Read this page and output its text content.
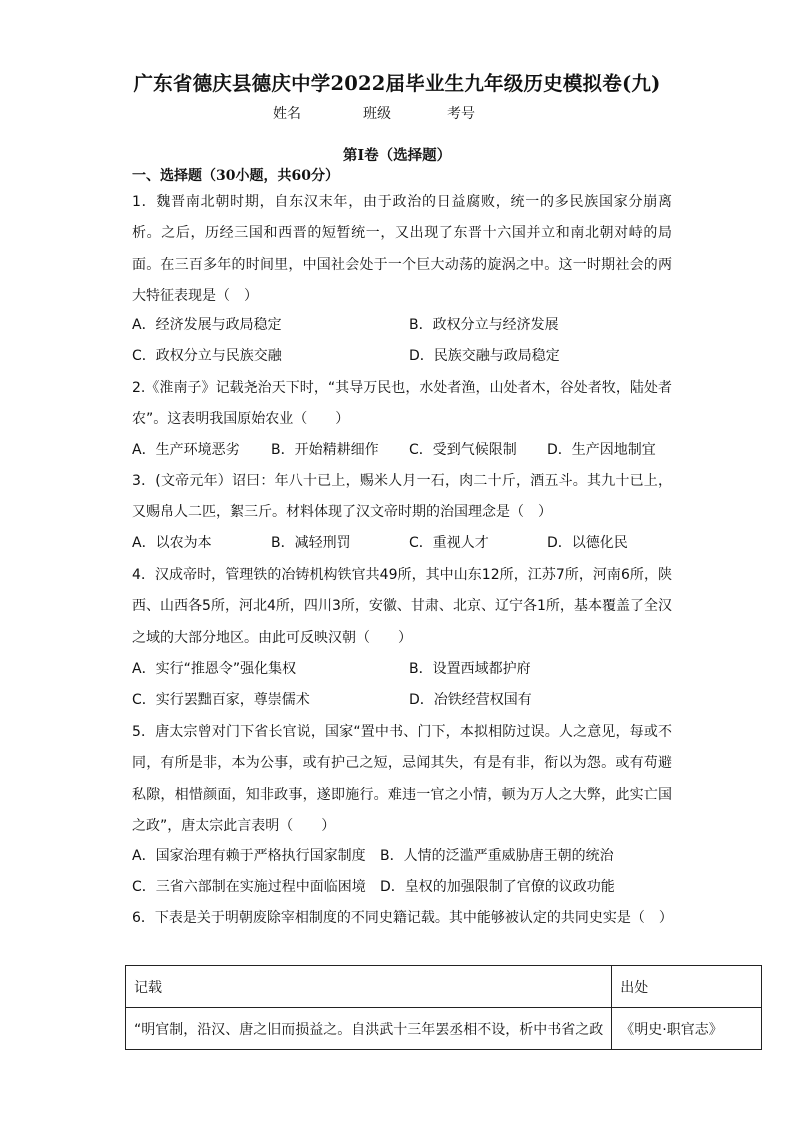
广东省德庆县德庆中学2022届毕业生九年级历史模拟卷(九)
姓名	班级	考号
第I卷（选择题）
一、选择题（30小题，共60分）
1．魏晋南北朝时期，自东汉末年，由于政治的日益腐败，统一的多民族国家分崩离析。之后，历经三国和西晋的短暂统一，又出现了东晋十六国并立和南北朝对峙的局面。在三百多年的时间里，中国社会处于一个巨大动荡的旋涡之中。这一时期社会的两大特征表现是（　）
A．经济发展与政局稳定	B．政权分立与经济发展
C．政权分立与民族交融	D．民族交融与政局稳定
2.《淮南子》记载尧治天下时，“其导万民也，水处者渔，山处者木，谷处者牧，陆处者农”。这表明我国原始农业（　　）
A．生产环境恶劣 B．开始精耕细作 C．受到气候限制 D．生产因地制宜
3．(文帝元年）诏曰：年八十已上，赐米人月一石，肉二十斤，酒五斗。其九十已上，又赐帛人二匹，絮三斤。材料体现了汉文帝时期的治国理念是（　）
A．以农为本	B．减轻刑罚	C．重视人才	D．以德化民
4．汉成帝时，管理铁的冶铸机构铁官共49所，其中山东12所，江苏7所，河南6所，陕西、山西各5所，河北4所，四川3所，安徽、甘肃、北京、辽宁各1所，基本覆盖了全汉之域的大部分地区。由此可反映汉朝（　　）
A．实行“推恩令”强化集权	B．设置西域都护府
C．实行罢黜百家，尊崇儒术	D．冶铁经营权国有
5．唐太宗曾对门下省长官说，国家“置中书、门下，本拟相防过误。人之意见，每或不同，有所是非，本为公事，或有护己之短，忌闻其失，有是有非，衔以为怨。或有苟避私隙，相惜颜面，知非政事，遂即施行。难违一官之小情，顿为万人之大弊，此实亡国之政”，唐太宗此言表明（　　）
A．国家治理有赖于严格执行国家制度 B．人情的泛滥严重威胁唐王朝的统治
C．三省六部制在实施过程中面临困境 D．皇权的加强限制了官僚的议政功能
6．下表是关于明朝废除宰相制度的不同史籍记载。其中能够被认定的共同史实是（　）
记载	出处
“明官制，沿汉、唐之旧而损益之。自洪武十三年罢丞相不设，析中书省之政	《明史·职官志》
